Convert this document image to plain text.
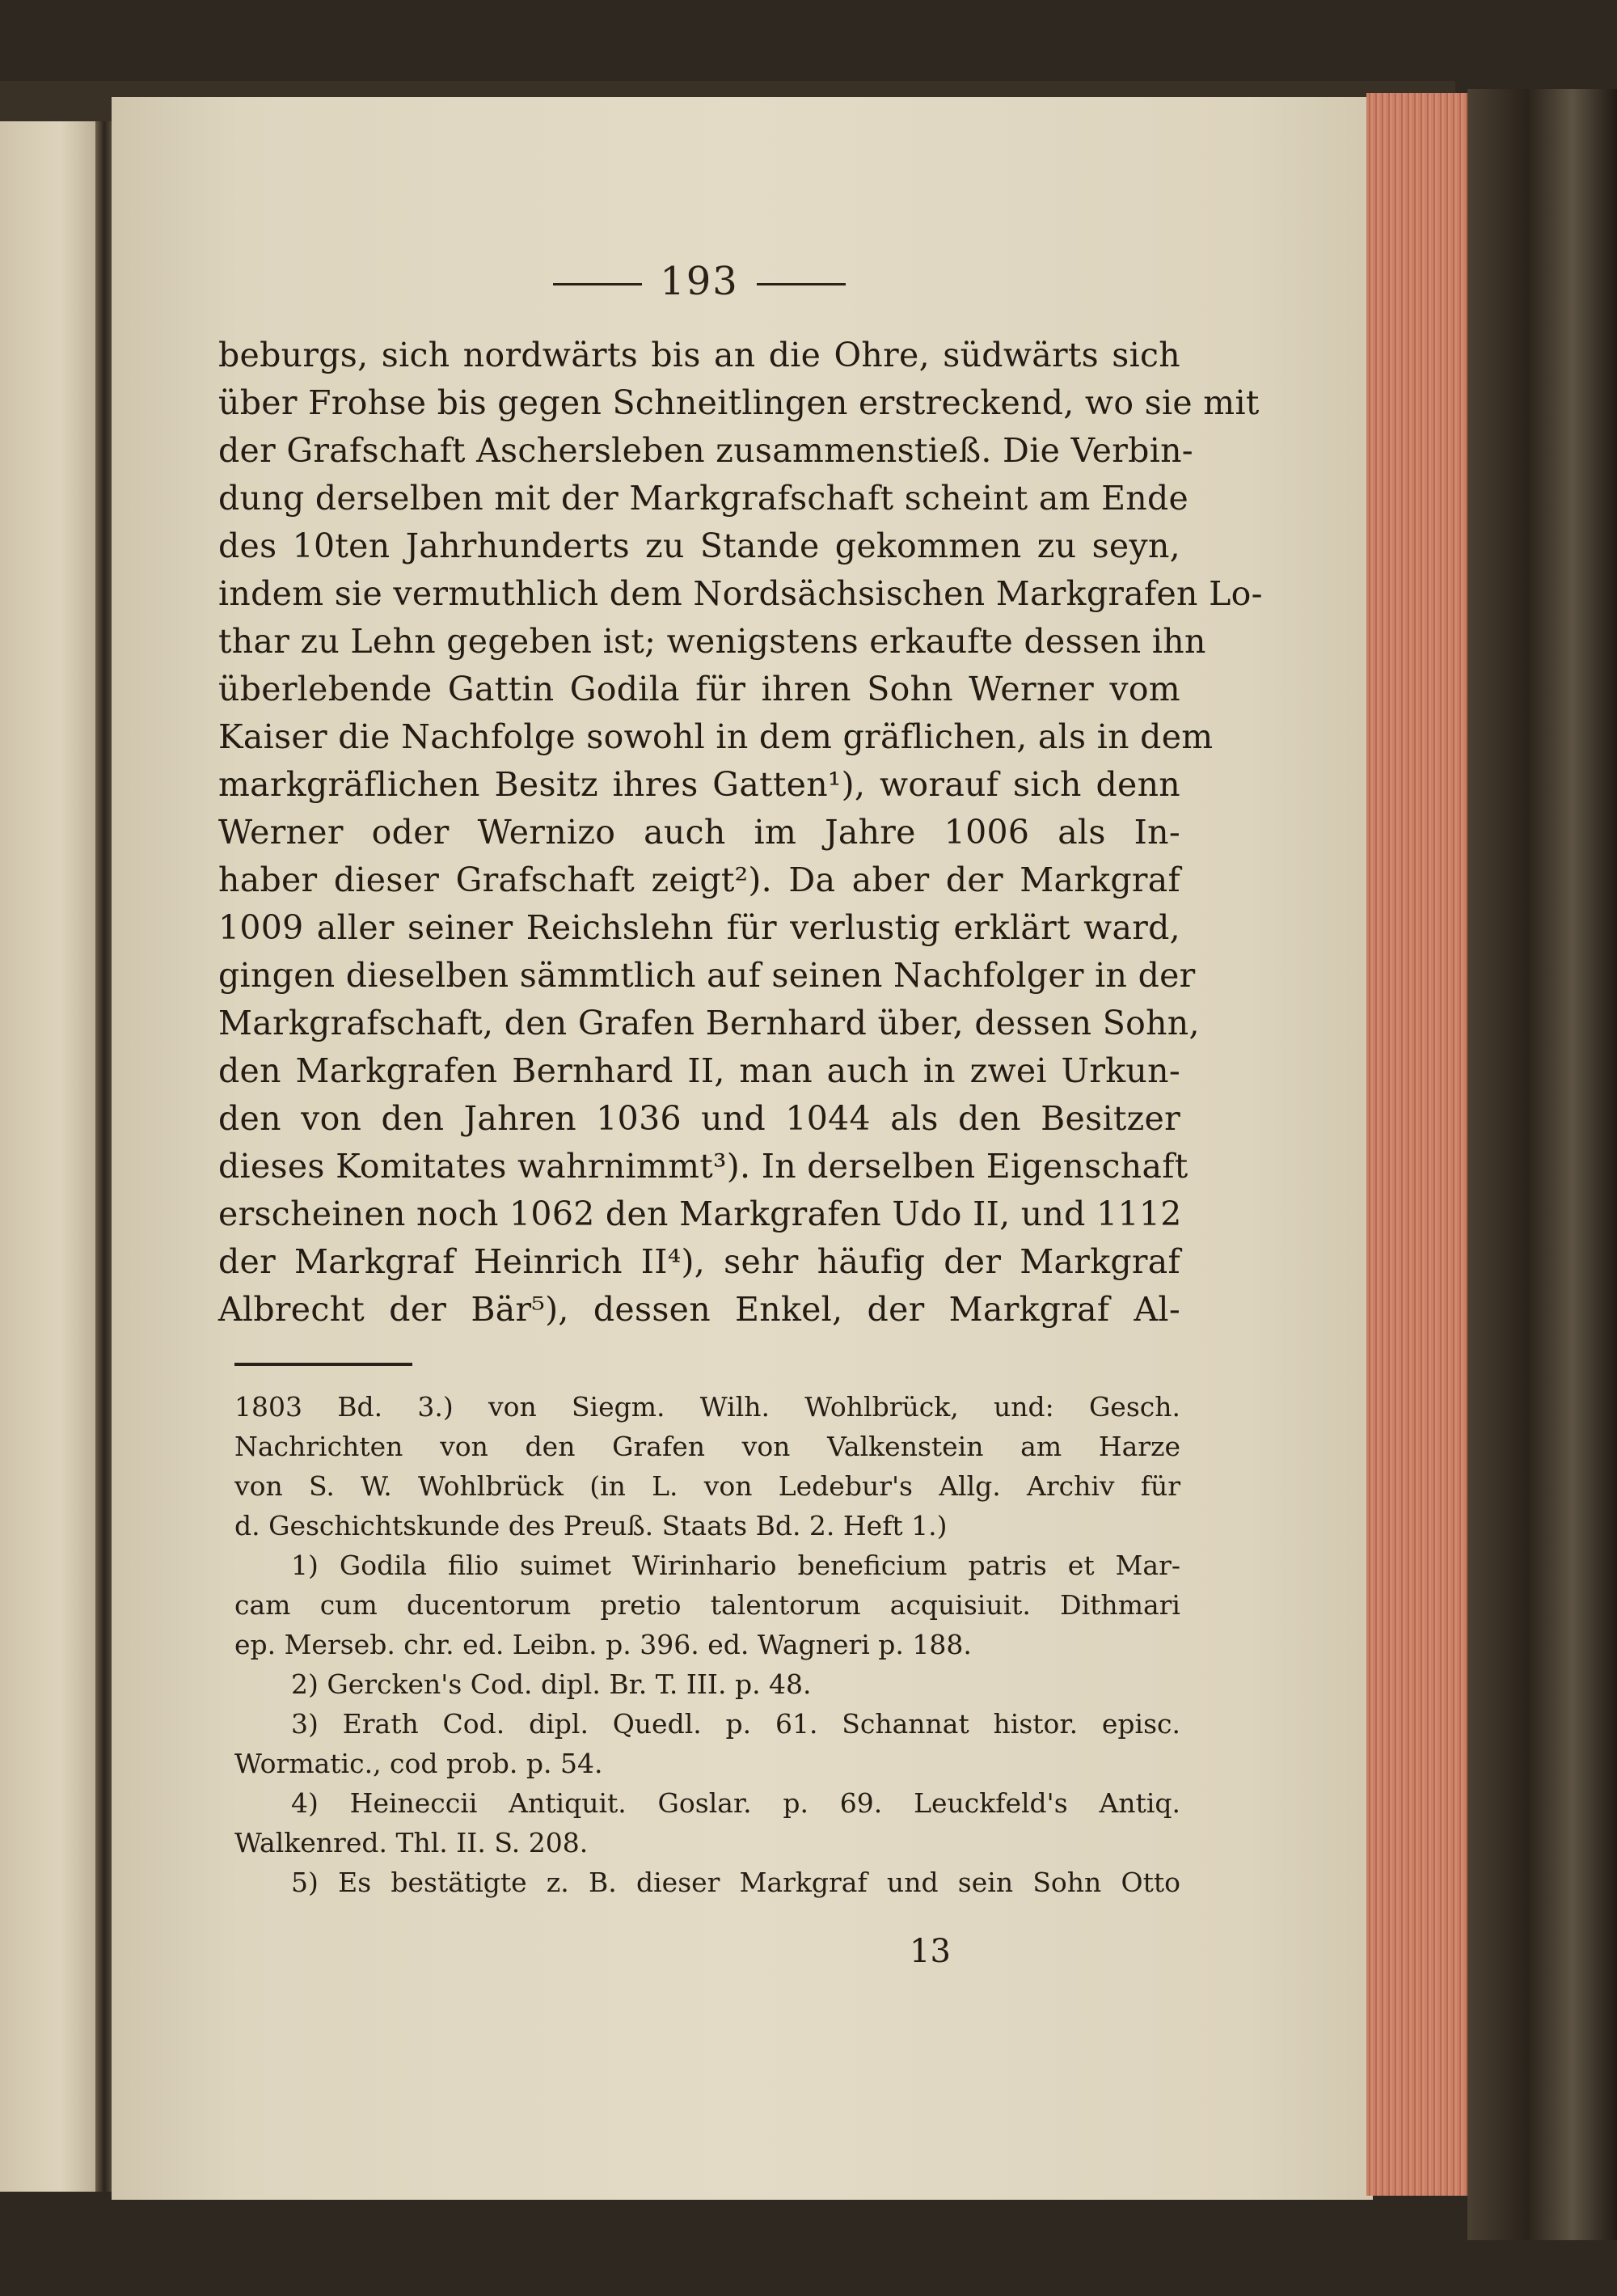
193
beburgs, sich nordwärts bis an die Ohre, südwärts sich
über Frohse bis gegen Schneitlingen erstreckend, wo sie mit
der Grafschaft Aschersleben zusammenstieß. Die Verbin-
dung derselben mit der Markgrafschaft scheint am Ende
des 10ten Jahrhunderts zu Stande gekommen zu seyn,
indem sie vermuthlich dem Nordsächsischen Markgrafen Lo-
thar zu Lehn gegeben ist; wenigstens erkaufte dessen ihn
überlebende Gattin Godila für ihren Sohn Werner vom
Kaiser die Nachfolge sowohl in dem gräflichen, als in dem
markgräflichen Besitz ihres Gatten¹), worauf sich denn
Werner oder Wernizo auch im Jahre 1006 als In-
haber dieser Grafschaft zeigt²). Da aber der Markgraf
1009 aller seiner Reichslehn für verlustig erklärt ward,
gingen dieselben sämmtlich auf seinen Nachfolger in der
Markgrafschaft, den Grafen Bernhard über, dessen Sohn,
den Markgrafen Bernhard II, man auch in zwei Urkun-
den von den Jahren 1036 und 1044 als den Besitzer
dieses Komitates wahrnimmt³). In derselben Eigenschaft
erscheinen noch 1062 den Markgrafen Udo II, und 1112
der Markgraf Heinrich II⁴), sehr häufig der Markgraf
Albrecht der Bär⁵), dessen Enkel, der Markgraf Al-
1803 Bd. 3.) von Siegm. Wilh. Wohlbrück, und: Gesch.
Nachrichten von den Grafen von Valkenstein am Harze
von S. W. Wohlbrück (in L. von Ledebur's Allg. Archiv für
d. Geschichtskunde des Preuß. Staats Bd. 2. Heft 1.)
1) Godila filio suimet Wirinhario beneficium patris et Mar-
cam cum ducentorum pretio talentorum acquisiuit. Dithmari
ep. Merseb. chr. ed. Leibn. p. 396. ed. Wagneri p. 188.
2) Gercken's Cod. dipl. Br. T. III. p. 48.
3) Erath Cod. dipl. Quedl. p. 61. Schannat histor. episc.
Wormatic., cod prob. p. 54.
4) Heineccii Antiquit. Goslar. p. 69. Leuckfeld's Antiq.
Walkenred. Thl. II. S. 208.
5) Es bestätigte z. B. dieser Markgraf und sein Sohn Otto
13
